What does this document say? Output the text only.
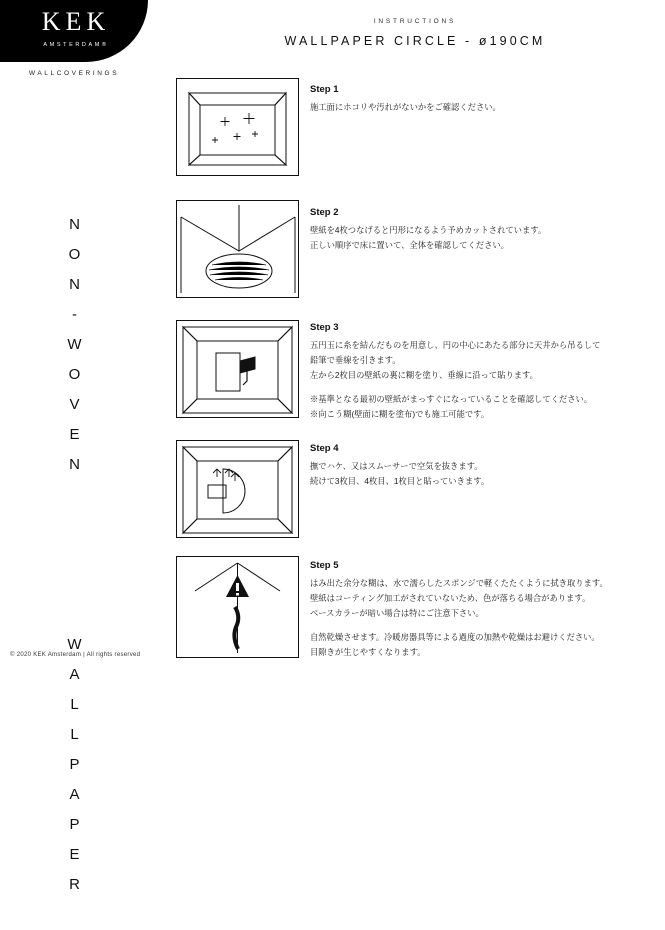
KEK
AMSTERDAM®
WALLCOVERINGS
INSTRUCTIONS
WALLPAPER CIRCLE - ø190CM

N
O
N
-
W
O
V
E
N

W
A
L
L
P
A
P
E
R

Step 1
施工面にホコリや汚れがないかをご確認ください。
Step 2
壁紙を4枚つなげると円形になるよう予めカットされています。
正しい順序で床に置いて、全体を確認してください。
Step 3
五円玉に糸を結んだものを用意し、円の中心にあたる部分に天井から吊るして
鉛筆で垂線を引きます。
左から2枚目の壁紙の裏に糊を塗り、垂線に沿って貼ります。
※基準となる最初の壁紙がまっすぐになっていることを確認してください。
※向こう糊(壁面に糊を塗布)でも施工可能です。
Step 4
撫でハケ、又はスムーサーで空気を抜きます。
続けて3枚目、4枚目、1枚目と貼っていきます。
Step 5
はみ出た余分な糊は、水で濡らしたスポンジで軽くたたくように拭き取ります。
壁紙はコーティング加工がされていないため、色が落ちる場合があります。
ベースカラーが暗い場合は特にご注意下さい。
自然乾燥させます。冷暖房器具等による過度の加熱や乾燥はお避けください。
目隙きが生じやすくなります。
© 2020 KEK Amsterdam | All rights reserved
